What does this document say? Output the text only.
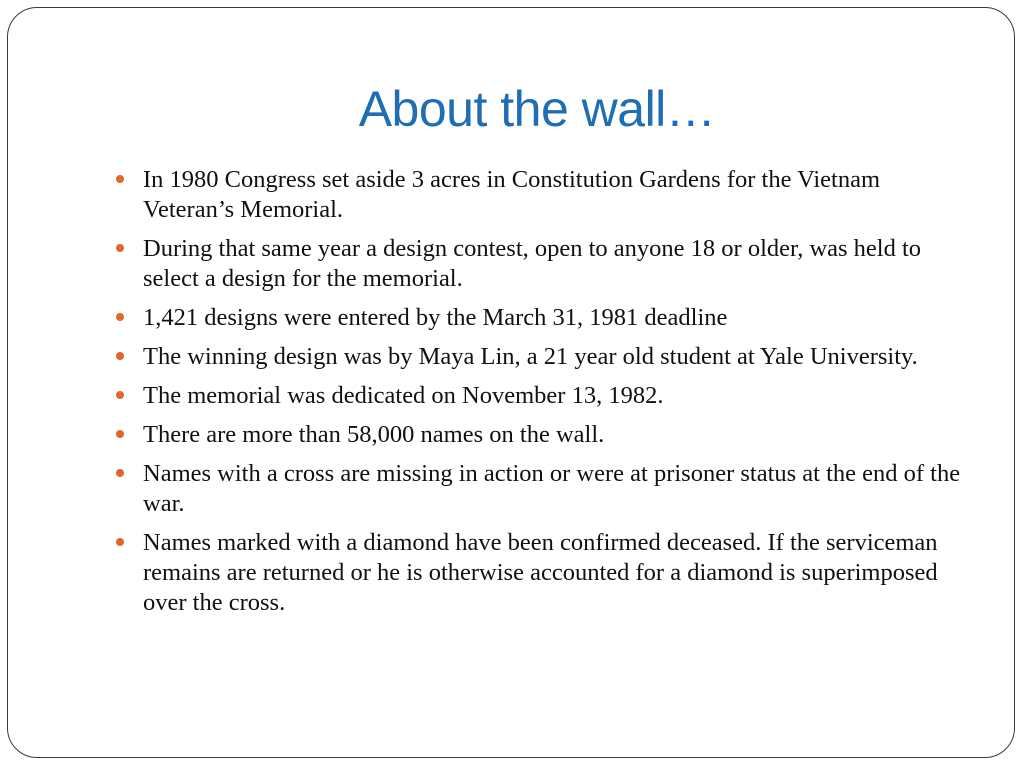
About the wall…
In 1980 Congress set aside 3 acres in Constitution Gardens for the Vietnam Veteran’s Memorial.
During that same year a design contest, open to anyone 18 or older, was held to select a design for the memorial.
1,421 designs were entered by the March 31, 1981 deadline
The winning design was by Maya Lin, a 21 year old student at Yale University.
The memorial was dedicated on November 13, 1982.
There are more than 58,000 names on the wall.
Names with a cross are missing in action or were at prisoner status at the end of the war.
Names marked with a diamond have been confirmed deceased. If the serviceman remains are returned or he is otherwise accounted for a diamond is superimposed over the cross.
